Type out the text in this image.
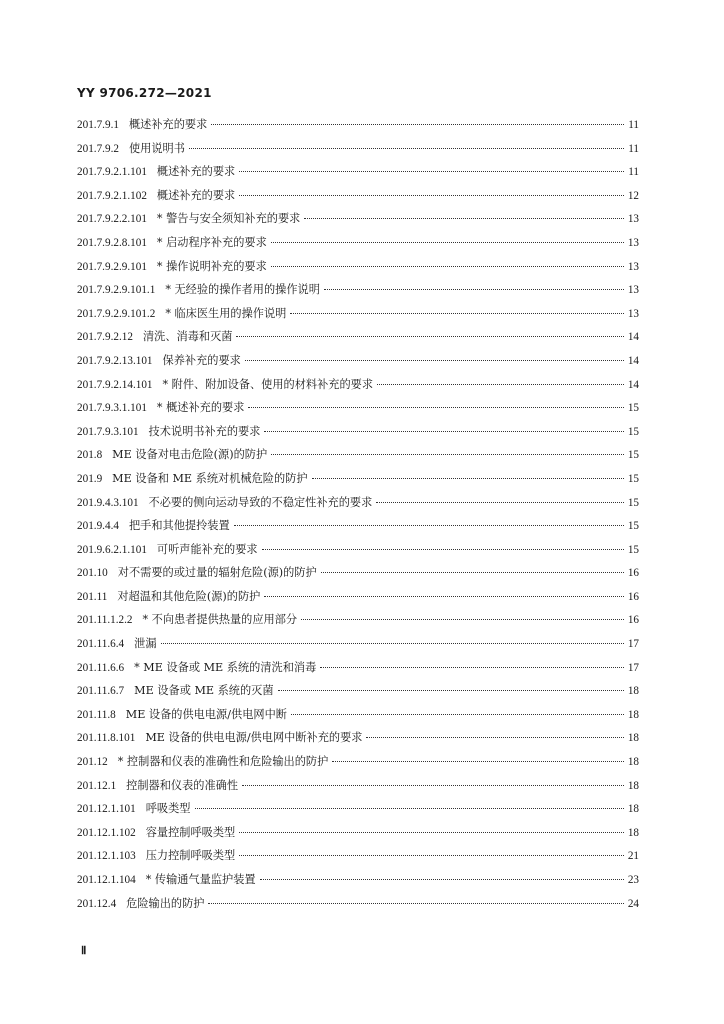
YY 9706.272—2021
201.7.9.1 概述补充的要求	11
201.7.9.2 使用说明书	11
201.7.9.2.1.101 概述补充的要求	11
201.7.9.2.1.102 概述补充的要求	12
201.7.9.2.2.101 * 警告与安全须知补充的要求	13
201.7.9.2.8.101 * 启动程序补充的要求	13
201.7.9.2.9.101 * 操作说明补充的要求	13
201.7.9.2.9.101.1 * 无经验的操作者用的操作说明	13
201.7.9.2.9.101.2 * 临床医生用的操作说明	13
201.7.9.2.12 清洗、消毒和灭菌	14
201.7.9.2.13.101 保养补充的要求	14
201.7.9.2.14.101 * 附件、附加设备、使用的材料补充的要求	14
201.7.9.3.1.101 * 概述补充的要求	15
201.7.9.3.101 技术说明书补充的要求	15
201.8 ME 设备对电击危险(源)的防护	15
201.9 ME 设备和 ME 系统对机械危险的防护	15
201.9.4.3.101 不必要的侧向运动导致的不稳定性补充的要求	15
201.9.4.4 把手和其他提拎装置	15
201.9.6.2.1.101 可听声能补充的要求	15
201.10 对不需要的或过量的辐射危险(源)的防护	16
201.11 对超温和其他危险(源)的防护	16
201.11.1.2.2 * 不向患者提供热量的应用部分	16
201.11.6.4 泄漏	17
201.11.6.6 * ME 设备或 ME 系统的清洗和消毒	17
201.11.6.7 ME 设备或 ME 系统的灭菌	18
201.11.8 ME 设备的供电电源/供电网中断	18
201.11.8.101 ME 设备的供电电源/供电网中断补充的要求	18
201.12 * 控制器和仪表的准确性和危险输出的防护	18
201.12.1 控制器和仪表的准确性	18
201.12.1.101 呼吸类型	18
201.12.1.102 容量控制呼吸类型	18
201.12.1.103 压力控制呼吸类型	21
201.12.1.104 * 传输通气量监护装置	23
201.12.4 危险输出的防护	24
Ⅱ
